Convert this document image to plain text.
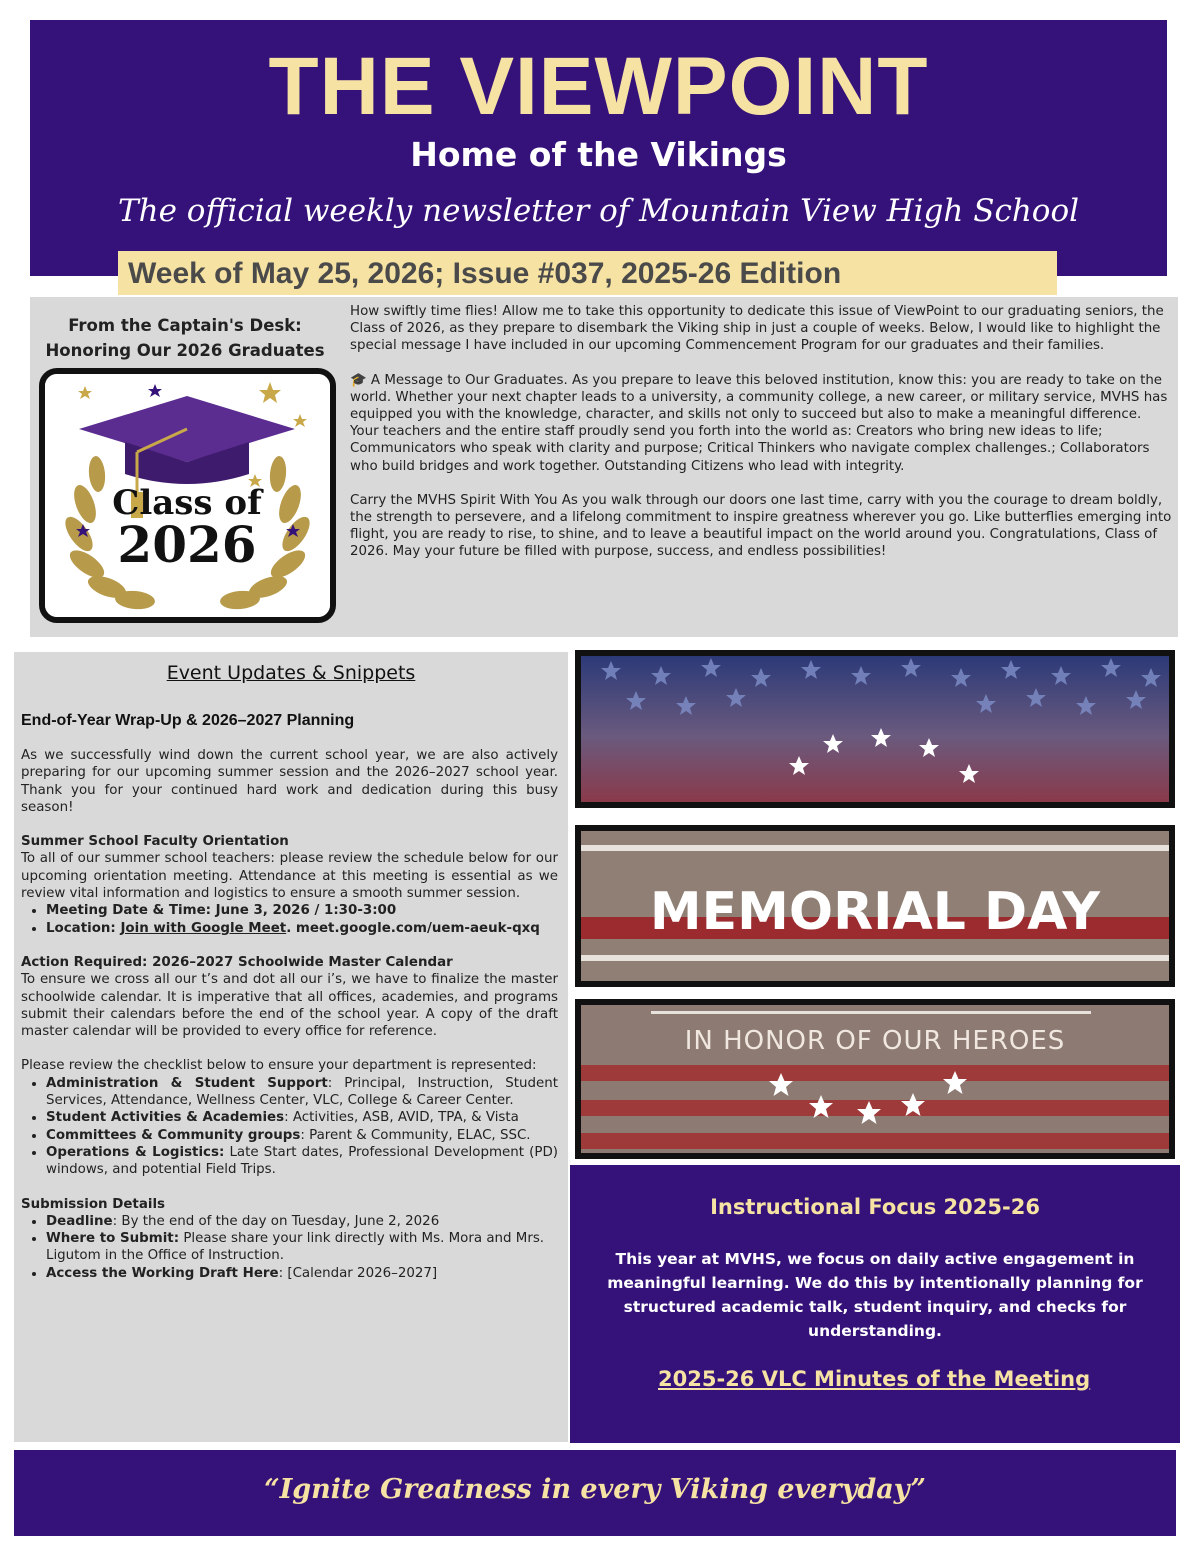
THE VIEWPOINT
Home of the Vikings
The official weekly newsletter of Mountain View High School
Week of May 25, 2026; Issue #037, 2025-26 Edition
From the Captain's Desk:
Honoring Our 2026 Graduates
Class of
2026

How swiftly time flies! Allow me to take this opportunity to dedicate this issue of ViewPoint to our graduating seniors, the Class of 2026, as they prepare to disembark the Viking ship in just a couple of weeks. Below, I would like to highlight the special message I have included in our upcoming Commencement Program for our graduates and their families.

🎓 A Message to Our Graduates. As you prepare to leave this beloved institution, know this: you are ready to take on the world. Whether your next chapter leads to a university, a community college, a new career, or military service, MVHS has equipped you with the knowledge, character, and skills not only to succeed but also to make a meaningful difference. Your teachers and the entire staff proudly send you forth into the world as: Creators who bring new ideas to life; Communicators who speak with clarity and purpose; Critical Thinkers who navigate complex challenges.; Collaborators who build bridges and work together. Outstanding Citizens who lead with integrity.

Carry the MVHS Spirit With You As you walk through our doors one last time, carry with you the courage to dream boldly, the strength to persevere, and a lifelong commitment to inspire greatness wherever you go. Like butterflies emerging into flight, you are ready to rise, to shine, and to leave a beautiful impact on the world around you. Congratulations, Class of 2026. May your future be filled with purpose, success, and endless possibilities!

Event Updates & Snippets
End-of-Year Wrap-Up & 2026–2027 Planning
As we successfully wind down the current school year, we are also actively preparing for our upcoming summer session and the 2026–2027 school year. Thank you for your continued hard work and dedication during this busy season!
Summer School Faculty Orientation
To all of our summer school teachers: please review the schedule below for our upcoming orientation meeting. Attendance at this meeting is essential as we review vital information and logistics to ensure a smooth summer session.
• Meeting Date & Time: June 3, 2026 / 1:30-3:00
• Location: Join with Google Meet. meet.google.com/uem-aeuk-qxq
Action Required: 2026–2027 Schoolwide Master Calendar
To ensure we cross all our t’s and dot all our i’s, we have to finalize the master schoolwide calendar. It is imperative that all offices, academies, and programs submit their calendars before the end of the school year. A copy of the draft master calendar will be provided to every office for reference.
Please review the checklist below to ensure your department is represented:
• Administration & Student Support: Principal, Instruction, Student Services, Attendance, Wellness Center, VLC, College & Career Center.
• Student Activities & Academies: Activities, ASB, AVID, TPA, & Vista
• Committees & Community groups: Parent & Community, ELAC, SSC.
• Operations & Logistics: Late Start dates, Professional Development (PD) windows, and potential Field Trips.
Submission Details
• Deadline: By the end of the day on Tuesday, June 2, 2026
• Where to Submit: Please share your link directly with Ms. Mora and Mrs. Ligutom in the Office of Instruction.
• Access the Working Draft Here: [Calendar 2026–2027]
MEMORIAL DAY
IN HONOR OF OUR HEROES
Instructional Focus 2025-26
This year at MVHS, we focus on daily active engagement in meaningful learning. We do this by intentionally planning for structured academic talk, student inquiry, and checks for understanding.
2025-26 VLC Minutes of the Meeting
“Ignite Greatness in every Viking everyday”
